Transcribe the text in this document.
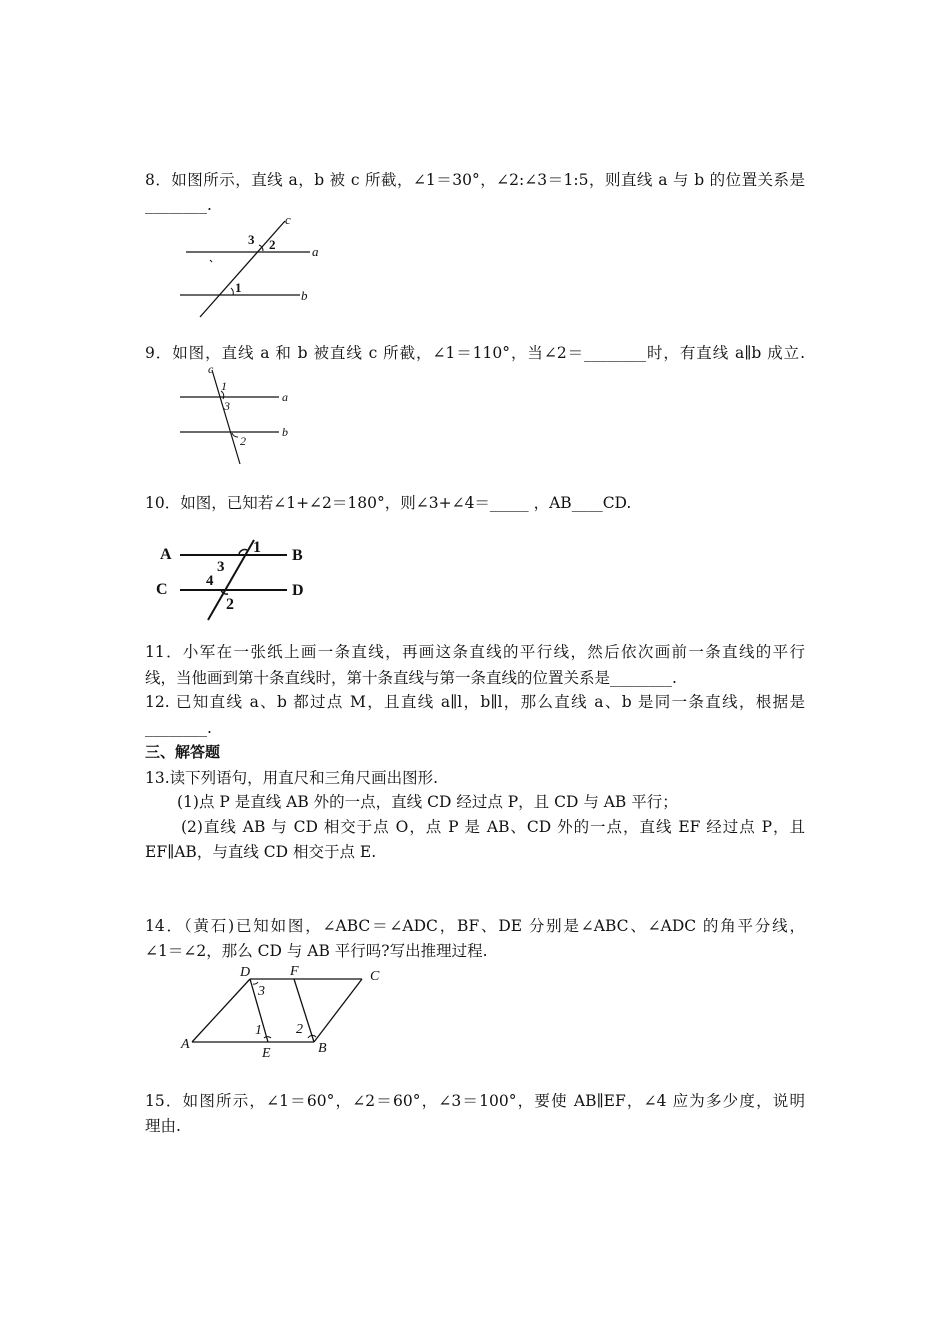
8．如图所示，直线 a，b 被 c 所截，∠1＝30°，∠2:∠3＝1:5，则直线 a 与 b 的位置关系是
________.
c
a
b
3 2
1
9．如图，直线 a 和 b 被直线 c 所截，∠1＝110°，当∠2＝________时，有直线 a∥b 成立.
c
a
b
1
3
2
10．如图，已知若∠1+∠2＝180°，则∠3+∠4＝_____ ，AB____CD.
A	B
C	D
1
3
4
2
11．小军在一张纸上画一条直线，再画这条直线的平行线，然后依次画前一条直线的平行
线，当他画到第十条直线时，第十条直线与第一条直线的位置关系是________.
12. 已知直线 a、b 都过点 M，且直线 a∥l，b∥l，那么直线 a、b 是同一条直线，根据是
________.
三、解答题
13.读下列语句，用直尺和三角尺画出图形.
(1)点 P 是直线 AB 外的一点，直线 CD 经过点 P，且 CD 与 AB 平行；
(2)直线 AB 与 CD 相交于点 O，点 P 是 AB、CD 外的一点，直线 EF 经过点 P，且
EF∥AB，与直线 CD 相交于点 E.
14．（黄石)已知如图，∠ABC＝∠ADC，BF、DE 分别是∠ABC、∠ADC 的角平分线，
∠1＝∠2，那么 CD 与 AB 平行吗?写出推理过程.
D	F	C
A
E	B
3
1 2
15．如图所示，∠1＝60°，∠2＝60°，∠3＝100°，要使 AB∥EF，∠4 应为多少度，说明
理由.
